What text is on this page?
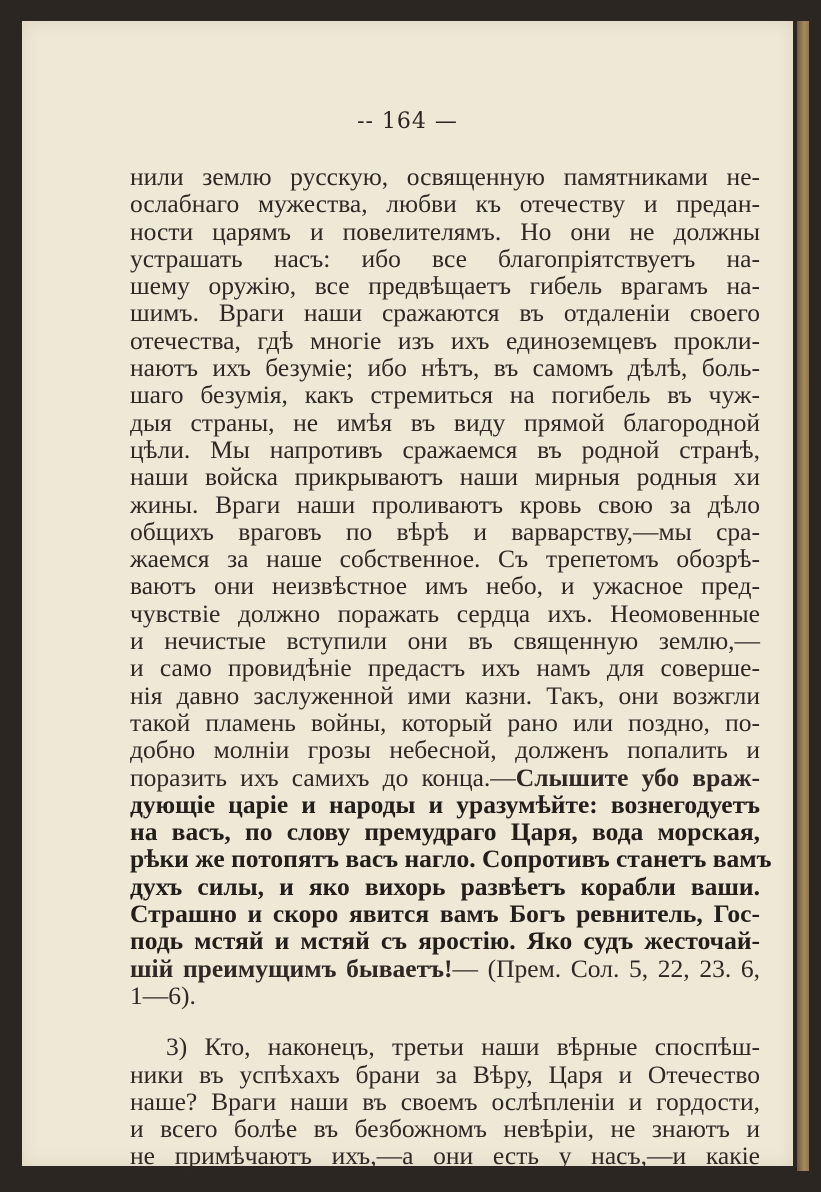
-- 164 —
нили землю русскую, освященную памятниками не-
ослабнаго мужества, любви къ отечеству и предан-
ности царямъ и повелителямъ. Но они не должны
устрашать насъ: ибо все благопріятствуетъ на-
шему оружію, все предвѣщаетъ гибель врагамъ на-
шимъ. Враги наши сражаются въ отдаленіи своего
отечества, гдѣ многіе изъ ихъ единоземцевъ прокли-
наютъ ихъ безуміе; ибо нѣтъ, въ самомъ дѣлѣ, боль-
шаго безумія, какъ стремиться на погибель въ чуж-
дыя страны, не имѣя въ виду прямой благородной
цѣли. Мы напротивъ сражаемся въ родной странѣ,
наши войска прикрываютъ наши мирныя родныя хи
жины. Враги наши проливаютъ кровь свою за дѣло
общихъ враговъ по вѣрѣ и варварству,—мы сра-
жаемся за наше собственное. Съ трепетомъ обозрѣ-
ваютъ они неизвѣстное имъ небо, и ужасное пред-
чувствіе должно поражать сердца ихъ. Неомовенные
и нечистые вступили они въ священную землю,—
и само провидѣніе предастъ ихъ намъ для соверше-
нія давно заслуженной ими казни. Такъ, они возжгли
такой пламень войны, который рано или поздно, по-
добно молніи грозы небесной, долженъ попалить и
поразить ихъ самихъ до конца.—Слышите убо враж-
дующіе царіе и народы и уразумѣйте: вознегодуетъ
на васъ, по слову премудраго Царя, вода морская,
рѣки же потопятъ васъ нагло. Сопротивъ станетъ вамъ
духъ силы, и яко вихорь развѣетъ корабли ваши.
Страшно и скоро явится вамъ Богъ ревнитель, Гос-
подь мстяй и мстяй съ яростію. Яко судъ жесточай-
шій преимущимъ бываетъ!— (Прем. Сол. 5, 22, 23. 6,
1—6).
3) Кто, наконецъ, третьи наши вѣрные споспѣш-
ники въ успѣхахъ брани за Вѣру, Царя и Отечество
наше? Враги наши въ своемъ ослѣпленіи и гордости,
и всего болѣе въ безбожномъ невѣріи, не знаютъ и
не примѣчаютъ ихъ,—а они есть у насъ,—и какіе
